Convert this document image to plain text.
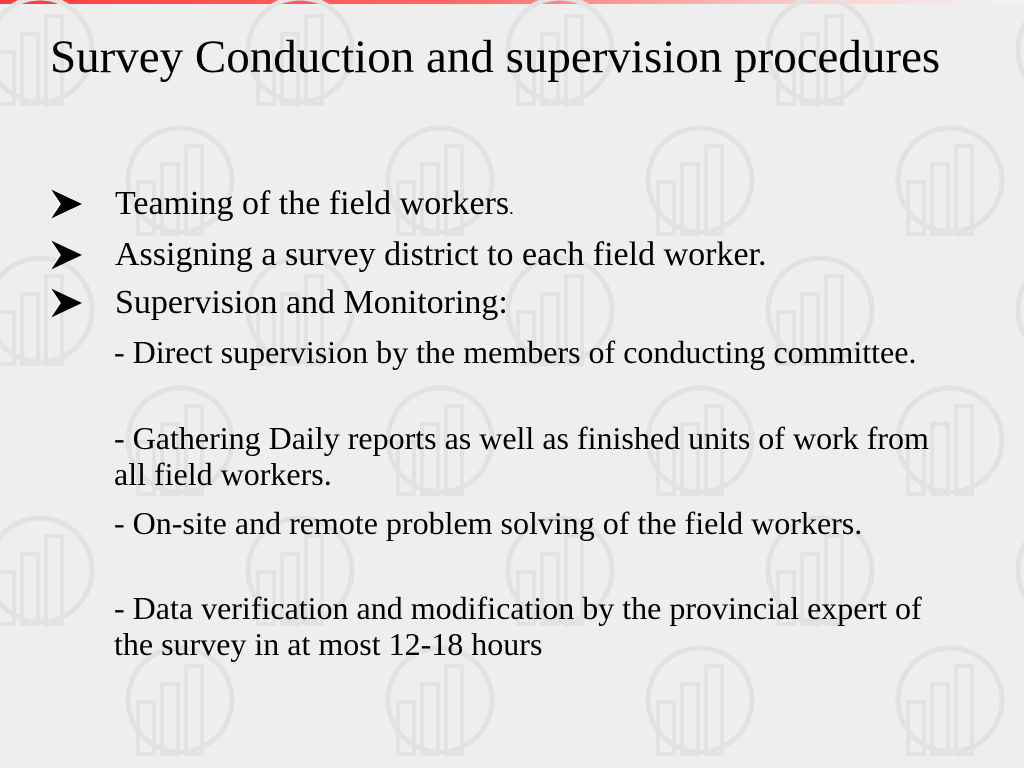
Survey Conduction and supervision procedures
Teaming of the field workers.
Assigning a survey district to each field worker.
Supervision and Monitoring:
- Direct supervision by the members of conducting committee.
- Gathering Daily reports as well as finished units of work from all field workers.
- On-site and remote problem solving of the field workers.
- Data verification and modification by the provincial expert of the survey in at most 12-18 hours
